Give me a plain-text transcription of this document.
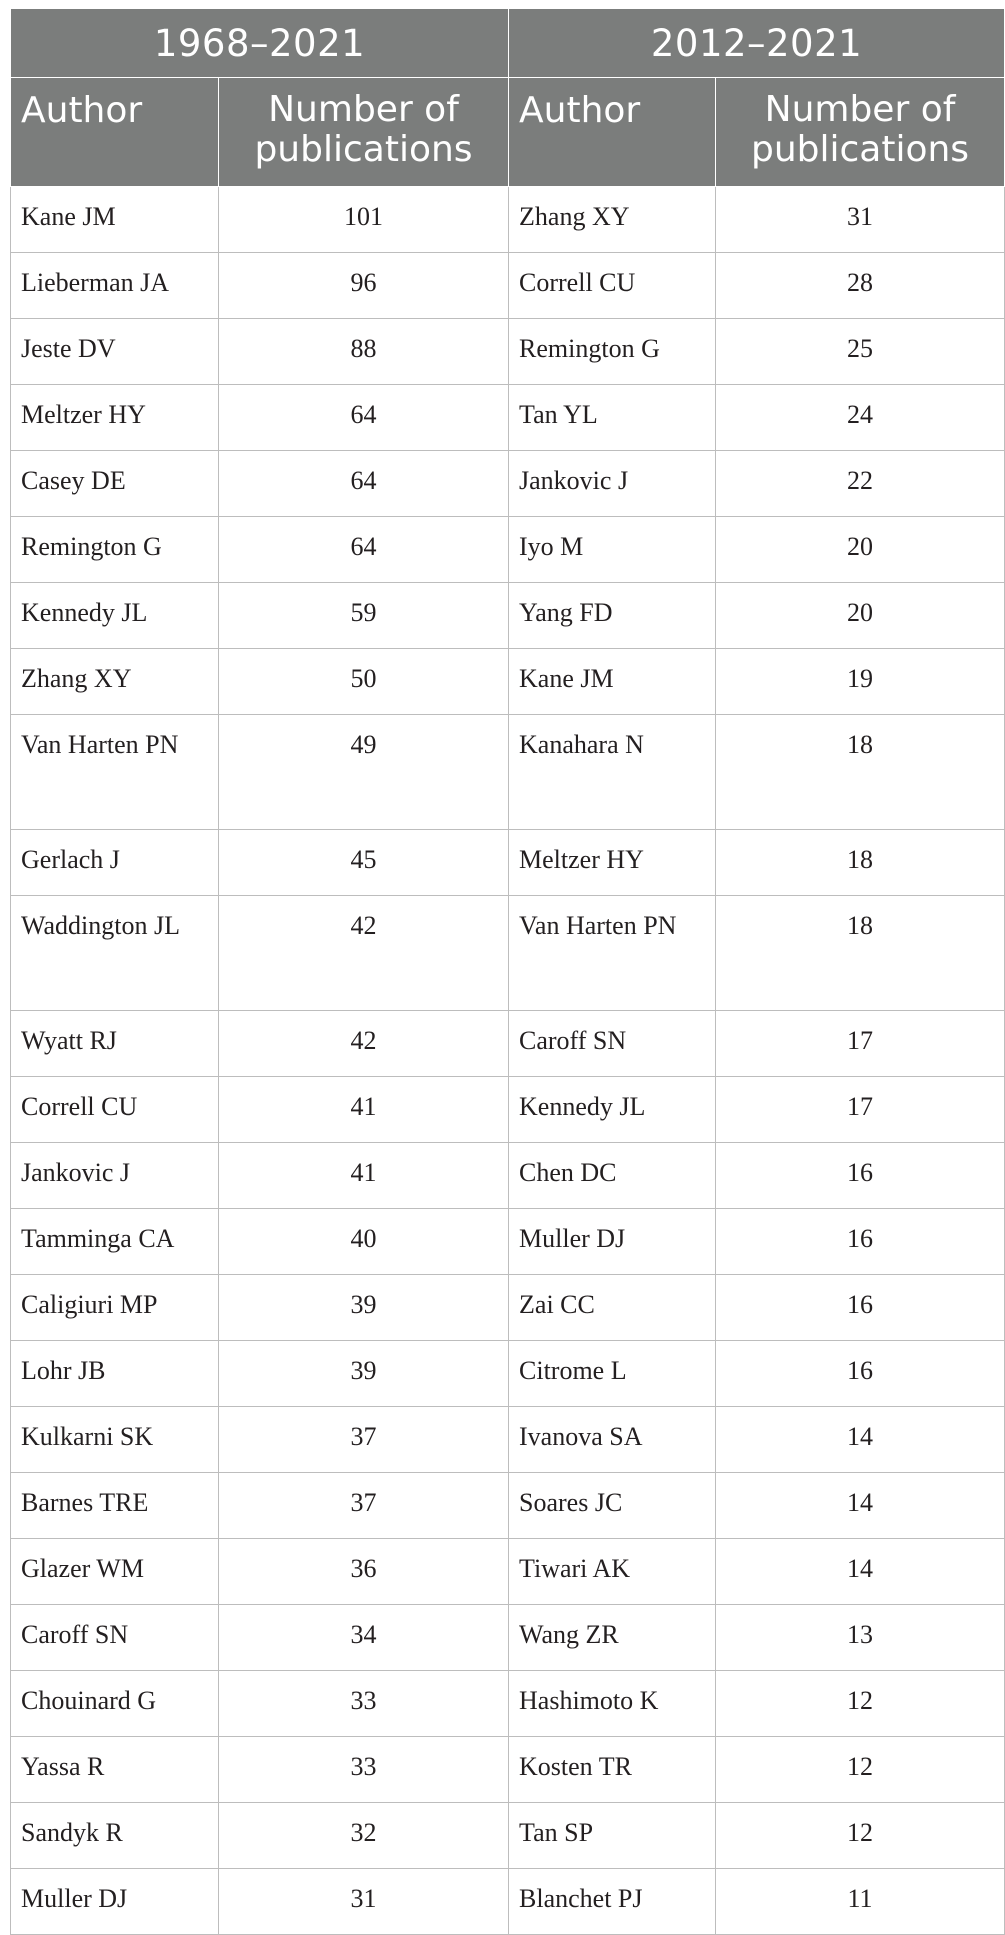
1968–2021		2012–2021	
Author	Number of publications	Author	Number of publications
Kane JM	101	Zhang XY	31
Lieberman JA	96	Correll CU	28
Jeste DV	88	Remington G	25
Meltzer HY	64	Tan YL	24
Casey DE	64	Jankovic J	22
Remington G	64	Iyo M	20
Kennedy JL	59	Yang FD	20
Zhang XY	50	Kane JM	19
Van Harten PN	49	Kanahara N	18
Gerlach J	45	Meltzer HY	18
Waddington JL	42	Van Harten PN	18
Wyatt RJ	42	Caroff SN	17
Correll CU	41	Kennedy JL	17
Jankovic J	41	Chen DC	16
Tamminga CA	40	Muller DJ	16
Caligiuri MP	39	Zai CC	16
Lohr JB	39	Citrome L	16
Kulkarni SK	37	Ivanova SA	14
Barnes TRE	37	Soares JC	14
Glazer WM	36	Tiwari AK	14
Caroff SN	34	Wang ZR	13
Chouinard G	33	Hashimoto K	12
Yassa R	33	Kosten TR	12
Sandyk R	32	Tan SP	12
Muller DJ	31	Blanchet PJ	11
